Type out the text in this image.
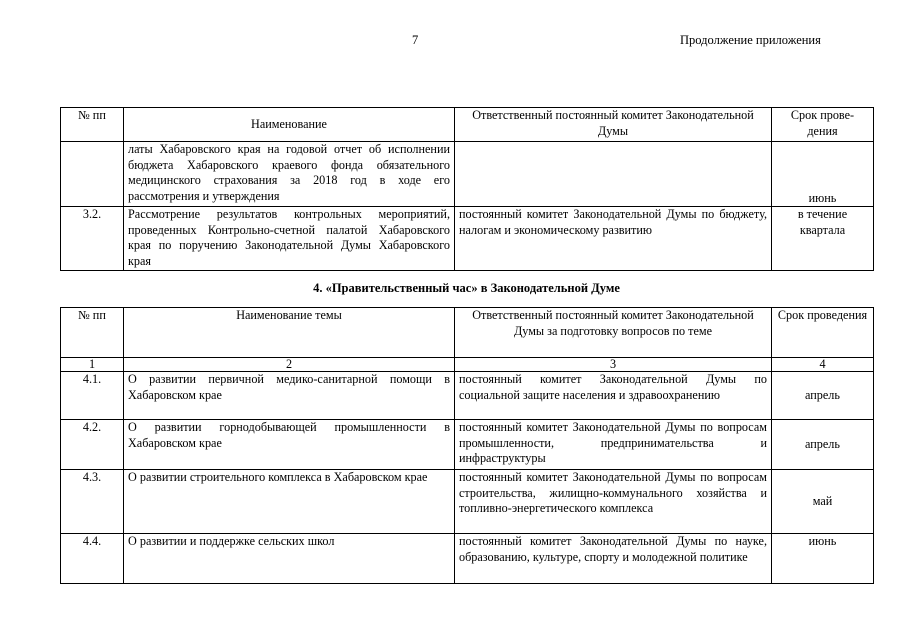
7	Продолжение приложения
№ пп	Наименование	Ответственный постоянный комитет Законодательной Думы	Срок прове-дения
	латы Хабаровского края на годовой отчет об исполнении бюджета Хабаровского краевого фонда обязательного медицинского страхования за 2018 год в ходе его рассмотрения и утверждения		июнь
3.2.	Рассмотрение результатов контрольных мероприятий, проведенных Контрольно-счетной палатой Хабаровского края по поручению Законодательной Думы Хабаровского края	постоянный комитет Законодательной Думы по бюджету, налогам и экономическому развитию	в течение квартала
4. «Правительственный час» в Законодательной Думе
№ пп	Наименование темы	Ответственный постоянный комитет Законодательной Думы за подготовку вопросов по теме	Срок проведения
1	2	3	4
4.1.	О развитии первичной медико-санитарной помощи в Хабаровском крае	постоянный комитет Законодательной Думы по социальной защите населения и здравоохранению	апрель
4.2.	О развитии горнодобывающей промышленности в Хабаровском крае	постоянный комитет Законодательной Думы по вопросам промышленности, предпринимательства и инфраструктуры	апрель
4.3.	О развитии строительного комплекса в Хабаровском крае	постоянный комитет Законодательной Думы по вопросам строительства, жилищно-коммунального хозяйства и топливно-энергетического комплекса	май
4.4.	О развитии и поддержке сельских школ	постоянный комитет Законодательной Думы по науке, образованию, культуре, спорту и молодежной политике	июнь
